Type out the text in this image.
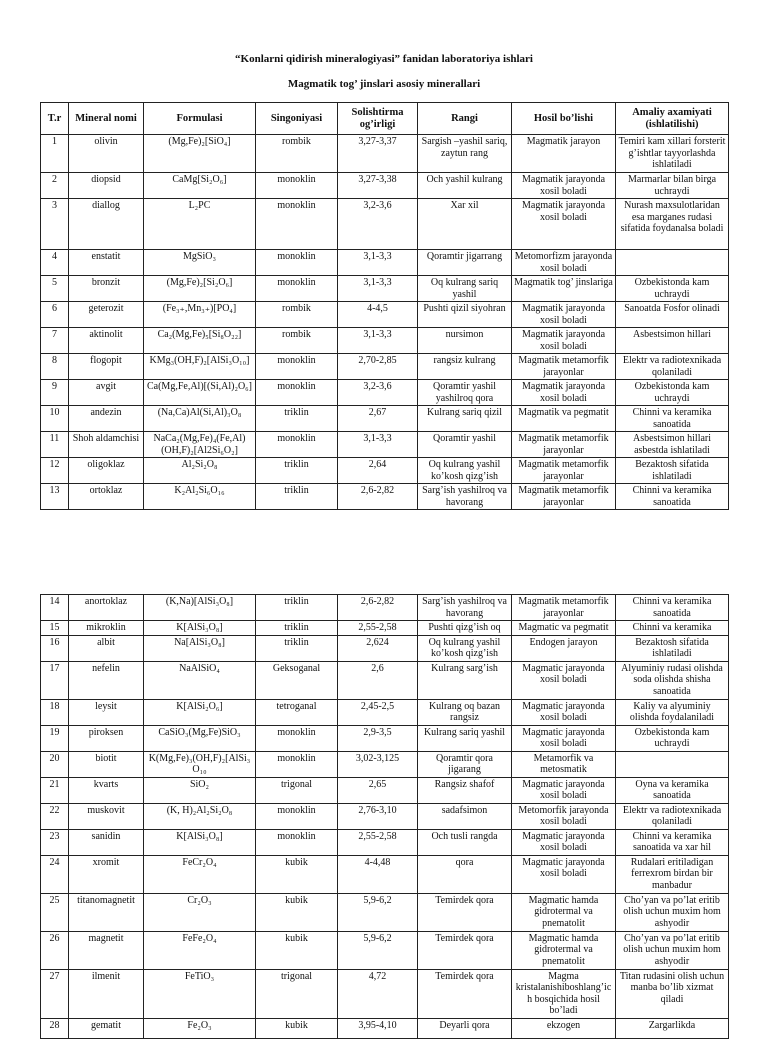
“Konlarni qidirish mineralogiyasi” fanidan laboratoriya ishlari
Magmatik tog’ jinslari asosiy minerallari
T.r	Mineral nomi	Formulasi	Singoniyasi	Solishtirma og’irligi	Rangi	Hosil bo’lishi	Amaliy axamiyati (ishlatilishi)
1	olivin	(Mg,Fe)₂[SiO₄]	rombik	3,27-3,37	Sargish –yashil sariq, zaytun rang	Magmatik jarayon	Temiri kam xillari forsterit g’ishtlar tayyorlashda ishlatiladi
2	diopsid	CaMg[Si₂O₆]	monoklin	3,27-3,38	Och yashil kulrang	Magmatik jarayonda xosil boladi	Marmarlar bilan birga uchraydi
3	diallog	L₂PC	monoklin	3,2-3,6	Xar xil	Magmatik jarayonda xosil boladi	Nurash maxsulotlaridan esa marganes rudasi sifatida foydanalsa boladi
4	enstatit	MgSiO₃	monoklin	3,1-3,3	Qoramtir jigarrang	Metomorfizm jarayonda xosil boladi	
5	bronzit	(Mg,Fe)₂[Si₂O₆]	monoklin	3,1-3,3	Oq kulrang sariq yashil	Magmatik tog’ jinslariga	Ozbekistonda kam uchraydi
6	geterozit	(Fe₃₊,Mn₃₊)[PO₄]	rombik	4-4,5	Pushti qizil siyohran	Magmatik jarayonda xosil boladi	Sanoatda Fosfor olinadi
7	aktinolit	Ca₂(Mg,Fe)₅[Si₈O₂₂]	rombik	3,1-3,3	nursimon	Magmatik jarayonda xosil boladi	Asbestsimon hillari
8	flogopit	KMg₃(OH,F)₂[AlSi₃O₁₀]	monoklin	2,70-2,85	rangsiz kulrang	Magmatik metamorfik jarayonlar	Elektr va radiotexnikada qolaniladi
9	avgit	Ca(Mg,Fe,Al)[(Si,Al)₂O₆]	monoklin	3,2-3,6	Qoramtir yashil yashilroq qora	Magmatik jarayonda xosil boladi	Ozbekistonda kam uchraydi
10	andezin	(Na,Ca)Al(Si,Al)₃O₈	triklin	2,67	Kulrang sariq qizil	Magmatik va pegmatit	Chinni va keramika sanoatida
11	Shoh aldamchisi	NaCa₂(Mg,Fe)₄(Fe,Al)(OH,F)₂[Al2Si₆O₂]	monoklin	3,1-3,3	Qoramtir yashil	Magmatik metamorfik jarayonlar	Asbestsimon hillari asbestda ishlatiladi
12	oligoklaz	Al₂Si₂O₈	triklin	2,64	Oq kulrang yashil ko’kosh qizg’ish	Magmatik metamorfik jarayonlar	Bezaktosh sifatida ishlatiladi
13	ortoklaz	K₂Al₂Si₆O₁₆	triklin	2,6-2,82	Sarg’ish yashilroq va havorang	Magmatik metamorfik jarayonlar	Chinni va keramika sanoatida
14	anortoklaz	(K,Na)[AlSi₃O₈]	triklin	2,6-2,82	Sarg’ish yashilroq va havorang	Magmatik metamorfik jarayonlar	Chinni va keramika sanoatida
15	mikroklin	K[AlSi₃O₈]	triklin	2,55-2,58	Pushti qizg’ish oq	Magmatic va pegmatit	Chinni va keramika
16	albit	Na[AlSi₃O₈]	triklin	2,624	Oq kulrang yashil ko’kosh qizg’ish	Endogen jarayon	Bezaktosh sifatida ishlatiladi
17	nefelin	NaAlSiO₄	Geksoganal	2,6	Kulrang sarg’ish	Magmatic jarayonda xosil boladi	Alyuminiy rudasi olishda soda olishda shisha sanoatida
18	leysit	K[AlSi₂O₆]	tetroganal	2,45-2,5	Kulrang oq bazan rangsiz	Magmatic jarayonda xosil boladi	Kaliy va alyuminiy olishda foydalaniladi
19	piroksen	CaSiO₃(Mg,Fe)SiO₃	monoklin	2,9-3,5	Kulrang sariq yashil	Magmatic jarayonda xosil boladi	Ozbekistonda kam uchraydi
20	biotit	K(Mg,Fe)₃(OH,F)₂[AlSi₃O₁₀	monoklin	3,02-3,125	Qoramtir qora jigarang	Metamorfik va metosmatik	
21	kvarts	SiO₂	trigonal	2,65	Rangsiz shafof	Magmatic jarayonda xosil boladi	Oyna va keramika sanoatida
22	muskovit	(K, H)₂Al₂Si₂O₈	monoklin	2,76-3,10	sadafsimon	Metomorfik jarayonda xosil boladi	Elektr va radiotexnikada qolaniladi
23	sanidin	K[AlSi₃O₈]	monoklin	2,55-2,58	Och tusli rangda	Magmatic jarayonda xosil boladi	Chinni va keramika sanoatida va xar hil
24	xromit	FeCr₂O₄	kubik	4-4,48	qora	Magmatic jarayonda xosil boladi	Rudalari eritiladigan ferrexrom birdan bir manbadur
25	titanomagnetit	Cr₂O₃	kubik	5,9-6,2	Temirdek qora	Magmatic hamda gidrotermal va pnematolit	Cho’yan va po’lat eritib olish uchun muxim hom ashyodir
26	magnetit	FeFe₂O₄	kubik	5,9-6,2	Temirdek qora	Magmatic hamda gidrotermal va pnematolit	Cho’yan va po’lat eritib olish uchun muxim hom ashyodir
27	ilmenit	FeTiO₃	trigonal	4,72	Temirdek qora	Magma kristalanishiboshlang’ich bosqichida hosil bo’ladi	Titan rudasini olish uchun manba bo’lib xizmat qiladi
28	gematit	Fe₂O₃	kubik	3,95-4,10	Deyarli qora	ekzogen	Zargarlikda
